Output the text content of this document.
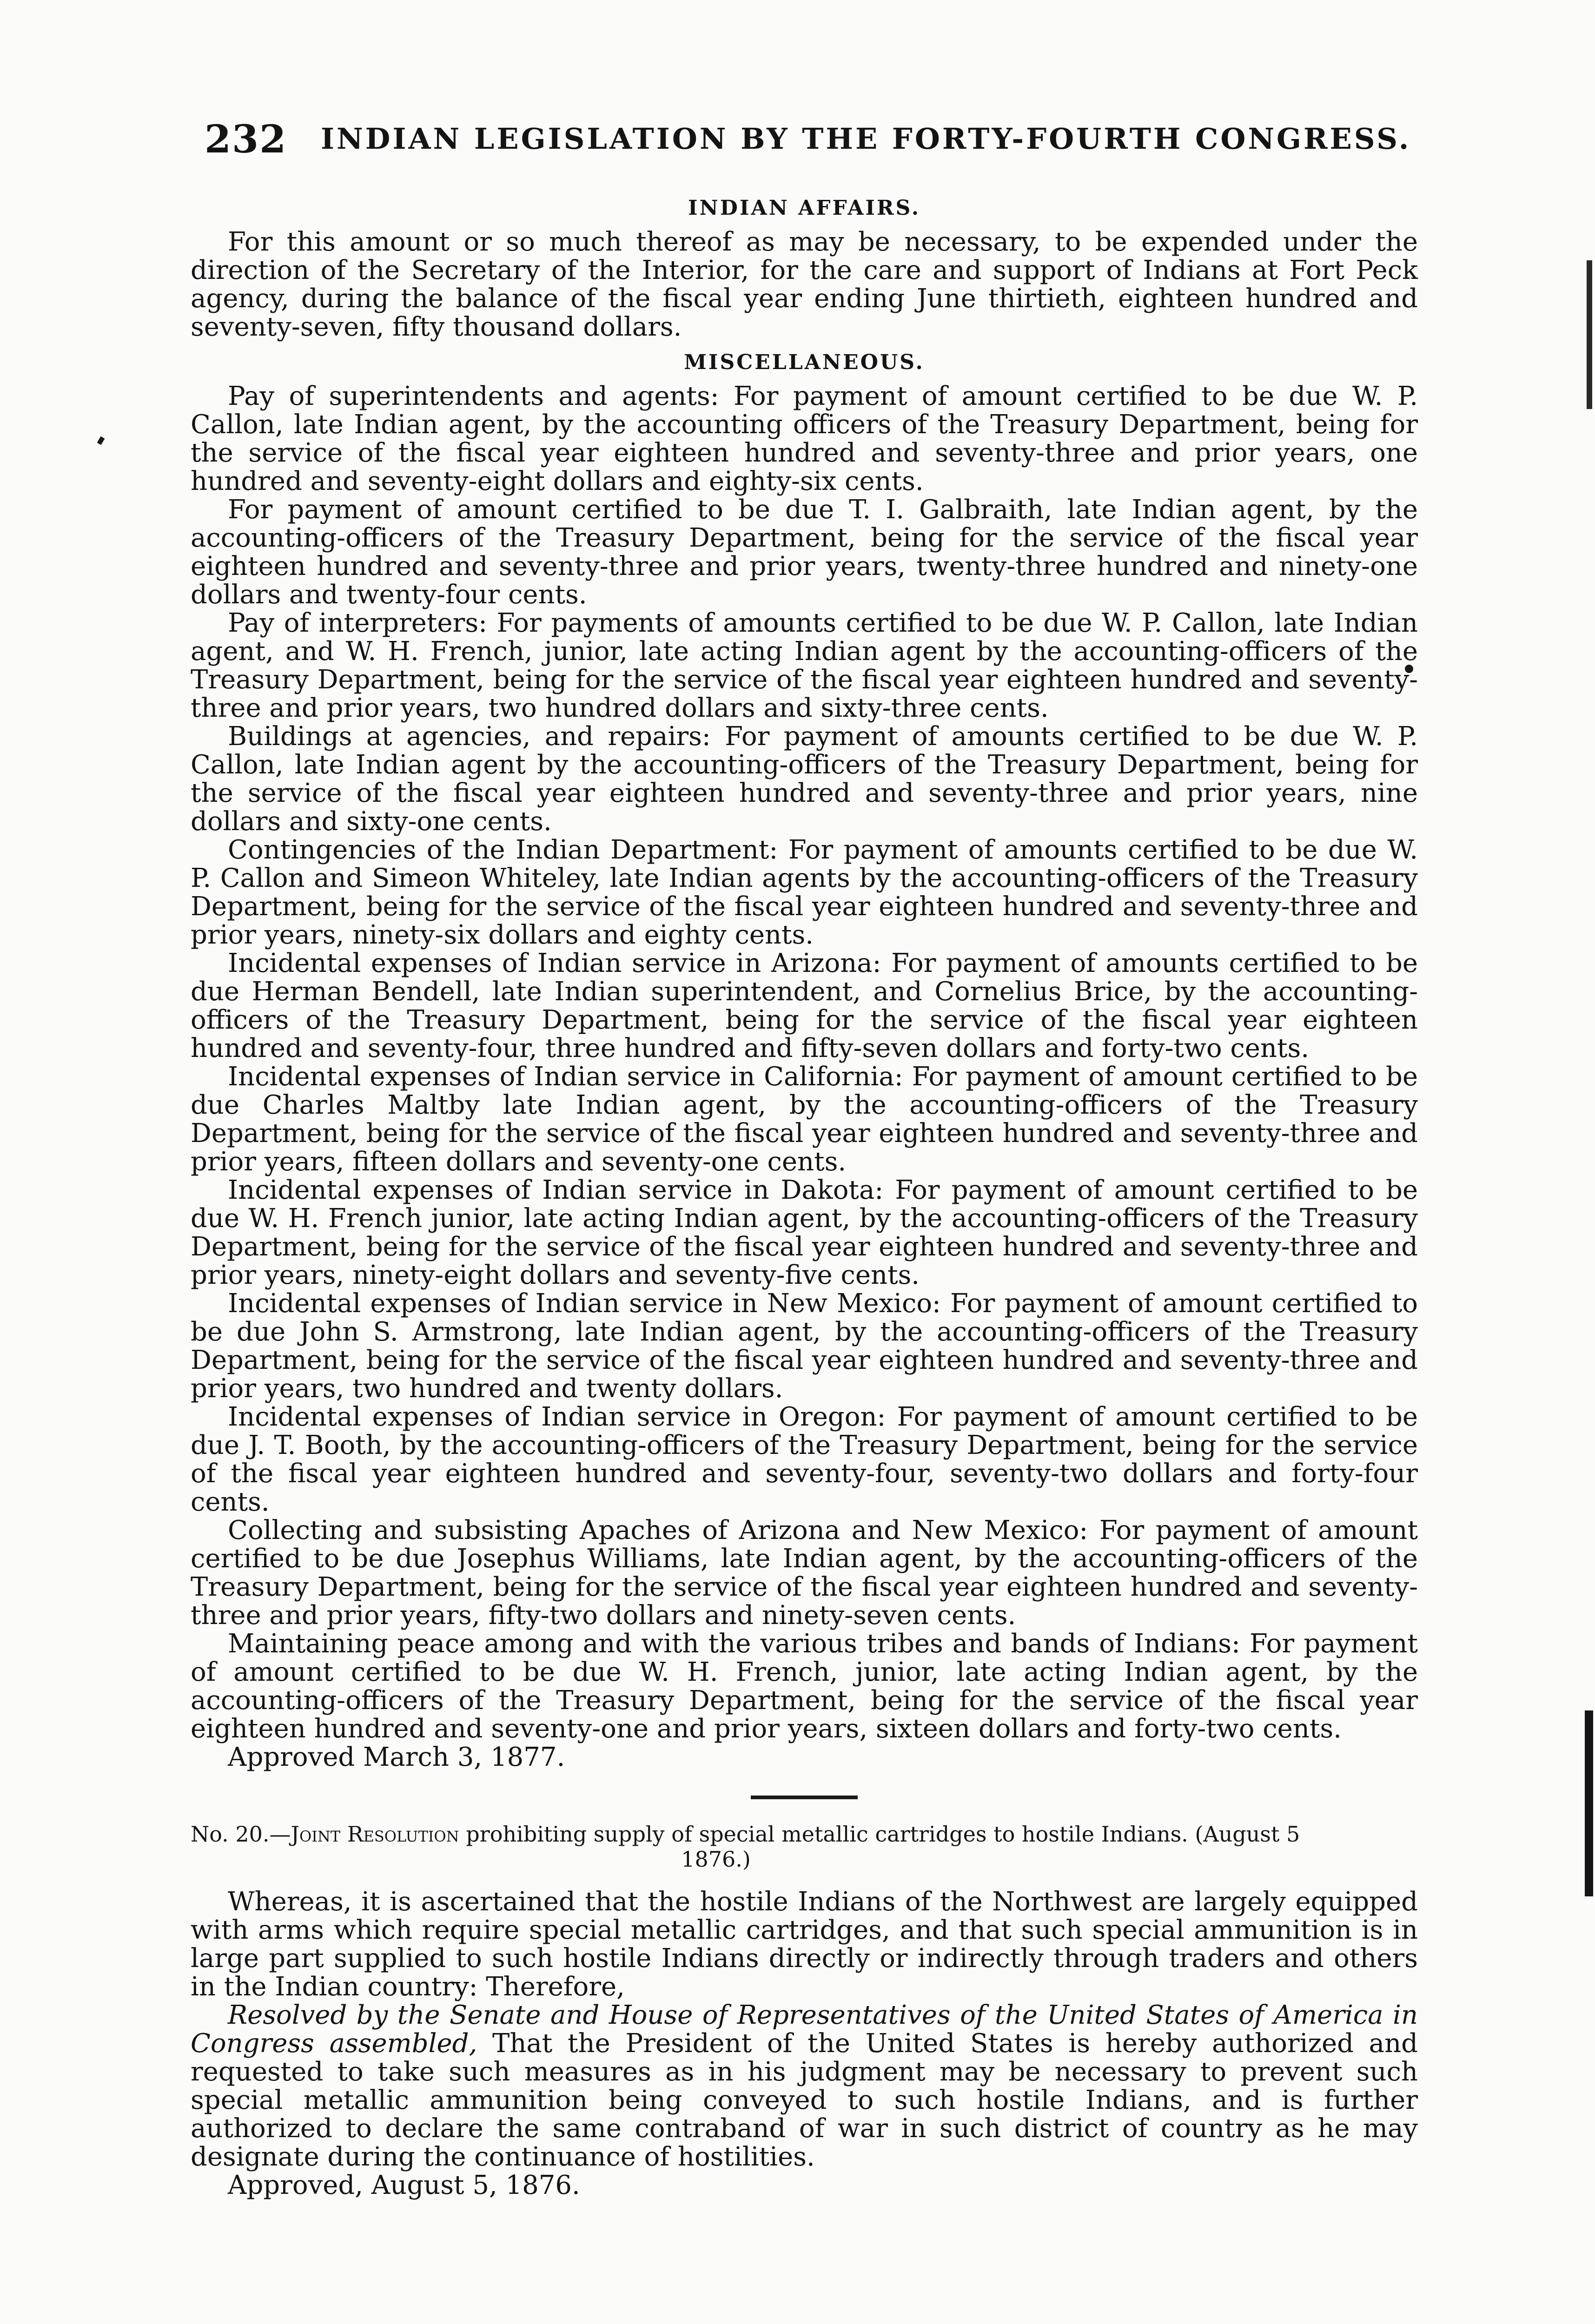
232 INDIAN LEGISLATION BY THE FORTY-FOURTH CONGRESS.
INDIAN AFFAIRS.

For this amount or so much thereof as may be necessary, to be expended under the direction of the Secretary of the Interior, for the care and support of Indians at Fort Peck agency, during the balance of the fiscal year ending June thirtieth, eighteen hundred and seventy-seven, fifty thousand dollars.

MISCELLANEOUS.

Pay of superintendents and agents: For payment of amount certified to be due W. P. Callon, late Indian agent, by the accounting officers of the Treasury Department, being for the service of the fiscal year eighteen hundred and seventy-three and prior years, one hundred and seventy-eight dollars and eighty-six cents.

For payment of amount certified to be due T. I. Galbraith, late Indian agent, by the accounting-officers of the Treasury Department, being for the service of the fiscal year eighteen hundred and seventy-three and prior years, twenty-three hundred and ninety-one dollars and twenty-four cents.

Pay of interpreters: For payments of amounts certified to be due W. P. Callon, late Indian agent, and W. H. French, junior, late acting Indian agent by the accounting-officers of the Treasury Department, being for the service of the fiscal year eighteen hundred and seventy-three and prior years, two hundred dollars and sixty-three cents.

Buildings at agencies, and repairs: For payment of amounts certified to be due W. P. Callon, late Indian agent by the accounting-officers of the Treasury Department, being for the service of the fiscal year eighteen hundred and seventy-three and prior years, nine dollars and sixty-one cents.

Contingencies of the Indian Department: For payment of amounts certified to be due W. P. Callon and Simeon Whiteley, late Indian agents by the accounting-officers of the Treasury Department, being for the service of the fiscal year eighteen hundred and seventy-three and prior years, ninety-six dollars and eighty cents.

Incidental expenses of Indian service in Arizona: For payment of amounts certified to be due Herman Bendell, late Indian superintendent, and Cornelius Brice, by the accounting-officers of the Treasury Department, being for the service of the fiscal year eighteen hundred and seventy-four, three hundred and fifty-seven dollars and forty-two cents.

Incidental expenses of Indian service in California: For payment of amount certified to be due Charles Maltby late Indian agent, by the accounting-officers of the Treasury Department, being for the service of the fiscal year eighteen hundred and seventy-three and prior years, fifteen dollars and seventy-one cents.

Incidental expenses of Indian service in Dakota: For payment of amount certified to be due W. H. French junior, late acting Indian agent, by the accounting-officers of the Treasury Department, being for the service of the fiscal year eighteen hundred and seventy-three and prior years, ninety-eight dollars and seventy-five cents.

Incidental expenses of Indian service in New Mexico: For payment of amount certified to be due John S. Armstrong, late Indian agent, by the accounting-officers of the Treasury Department, being for the service of the fiscal year eighteen hundred and seventy-three and prior years, two hundred and twenty dollars.

Incidental expenses of Indian service in Oregon: For payment of amount certified to be due J. T. Booth, by the accounting-officers of the Treasury Department, being for the service of the fiscal year eighteen hundred and seventy-four, seventy-two dollars and forty-four cents.

Collecting and subsisting Apaches of Arizona and New Mexico: For payment of amount certified to be due Josephus Williams, late Indian agent, by the accounting-officers of the Treasury Department, being for the service of the fiscal year eighteen hundred and seventy-three and prior years, fifty-two dollars and ninety-seven cents.

Maintaining peace among and with the various tribes and bands of Indians: For payment of amount certified to be due W. H. French, junior, late acting Indian agent, by the accounting-officers of the Treasury Department, being for the service of the fiscal year eighteen hundred and seventy-one and prior years, sixteen dollars and forty-two cents.

Approved March 3, 1877.

No. 20.—Joint Resolution prohibiting supply of special metallic cartridges to hostile Indians. (August 5
1876.)

Whereas, it is ascertained that the hostile Indians of the Northwest are largely equipped with arms which require special metallic cartridges, and that such special ammunition is in large part supplied to such hostile Indians directly or indirectly through traders and others in the Indian country: Therefore,

Resolved by the Senate and House of Representatives of the United States of America in Congress assembled, That the President of the United States is hereby authorized and requested to take such measures as in his judgment may be necessary to prevent such special metallic ammunition being conveyed to such hostile Indians, and is further authorized to declare the same contraband of war in such district of country as he may designate during the continuance of hostilities.

Approved, August 5, 1876.
